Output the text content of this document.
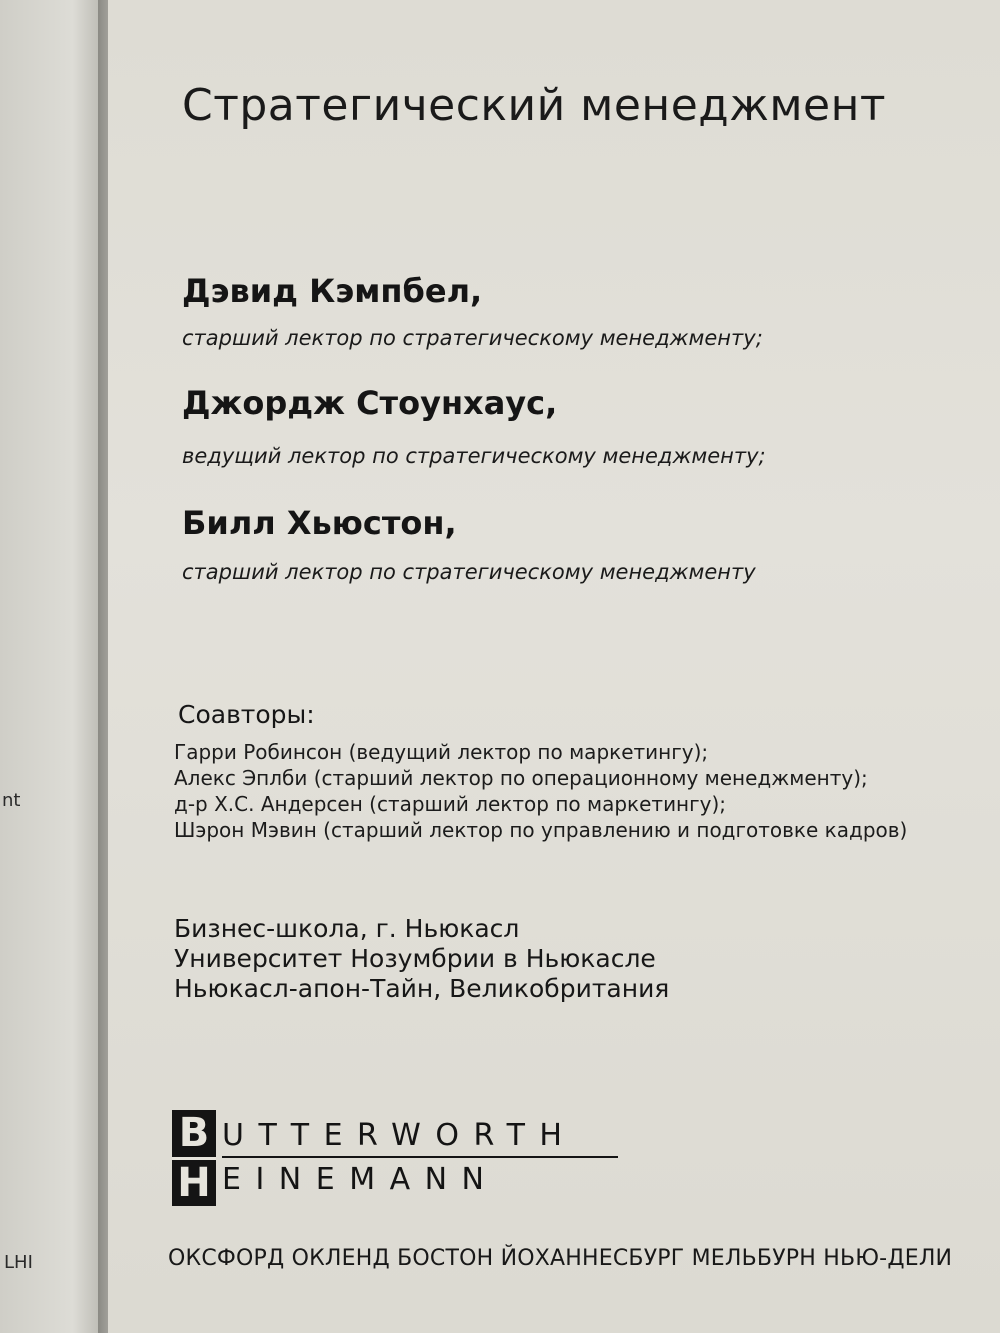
nt
LHI
Стратегический менеджмент
Дэвид Кэмпбел,
старший лектор по стратегическому менеджменту;
Джордж Стоунхаус,
ведущий лектор по стратегическому менеджменту;
Билл Хьюстон,
старший лектор по стратегическому менеджменту
Соавторы:
Гарри Робинсон (ведущий лектор по маркетингу);
Алекс Эплби (старший лектор по операционному менеджменту);
д-р Х.С. Андерсен (старший лектор по маркетингу);
Шэрон Мэвин (старший лектор по управлению и подготовке кадров)
Бизнес-школа, г. Ньюкасл
Университет Нозумбрии в Ньюкасле
Ньюкасл-апон-Тайн, Великобритания
B
H
UTTERWORTH
EINEMANN
ОКСФОРД ОКЛЕНД БОСТОН ЙОХАННЕСБУРГ МЕЛЬБУРН НЬЮ-ДЕЛИ
